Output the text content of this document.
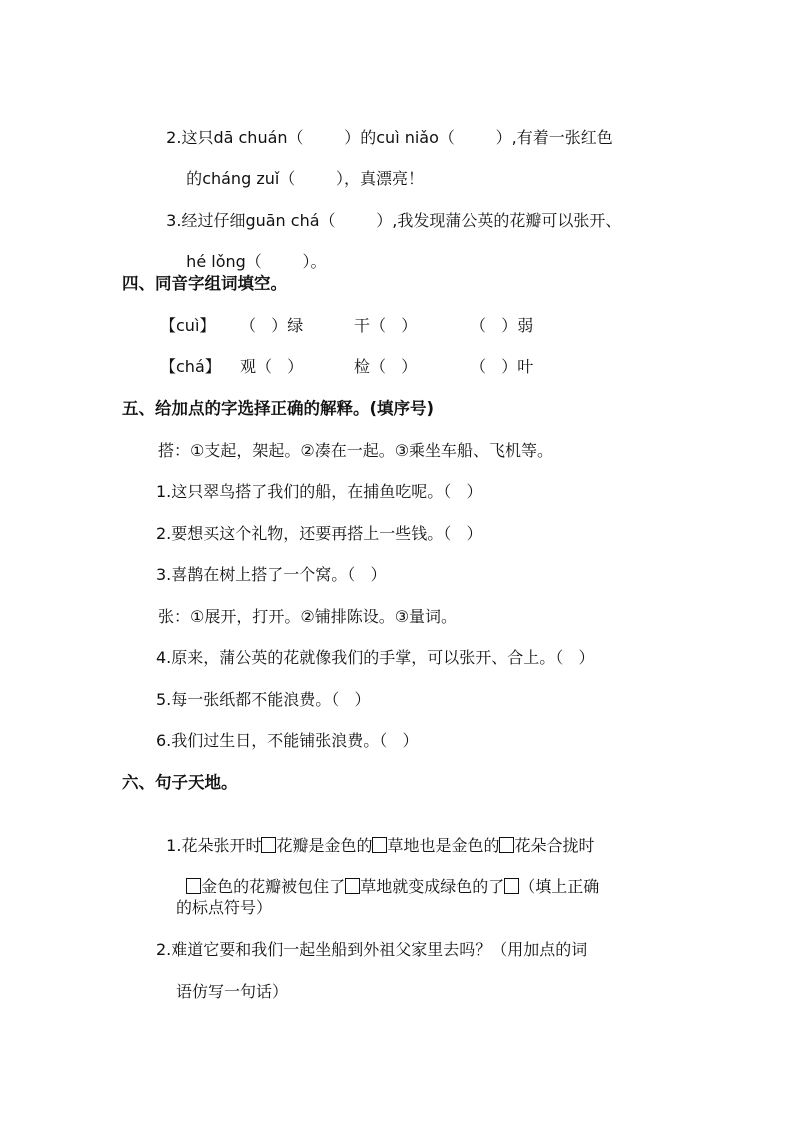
2.这只dā chuán（        ）的cuì niǎo（        ）,有着一张红色

的cháng zuǐ（        ），真漂亮！

3.经过仔细guān chá（        ）,我发现蒲公英的花瓣可以张开、

hé lǒng（        ）。

四、同音字组词填空。
【cuì】 （   ）绿	干（   ）	（   ）弱
【chá】 观（   ）	检（   ）	（   ）叶
五、给加点的字选择正确的解释。(填序号)
搭：①支起，架起。②凑在一起。③乘坐车船、飞机等。
1.这只翠鸟搭了我们的船，在捕鱼吃呢。（   ）
2.要想买这个礼物，还要再搭上一些钱。（   ）
3.喜鹊在树上搭了一个窝。（   ）
张：①展开，打开。②铺排陈设。③量词。
4.原来，蒲公英的花就像我们的手掌，可以张开、合上。（   ）
5.每一张纸都不能浪费。（   ）
6.我们过生日，不能铺张浪费。（   ）
六、句子天地。

1.花朵张开时 花瓣是金色的 草地也是金色的 花朵合拢时

金色的花瓣被包住了 草地就变成绿色的了 （填上正确

的标点符号）
2.难道它要和我们一起坐船到外祖父家里去吗？（用加点的词
语仿写一句话）
